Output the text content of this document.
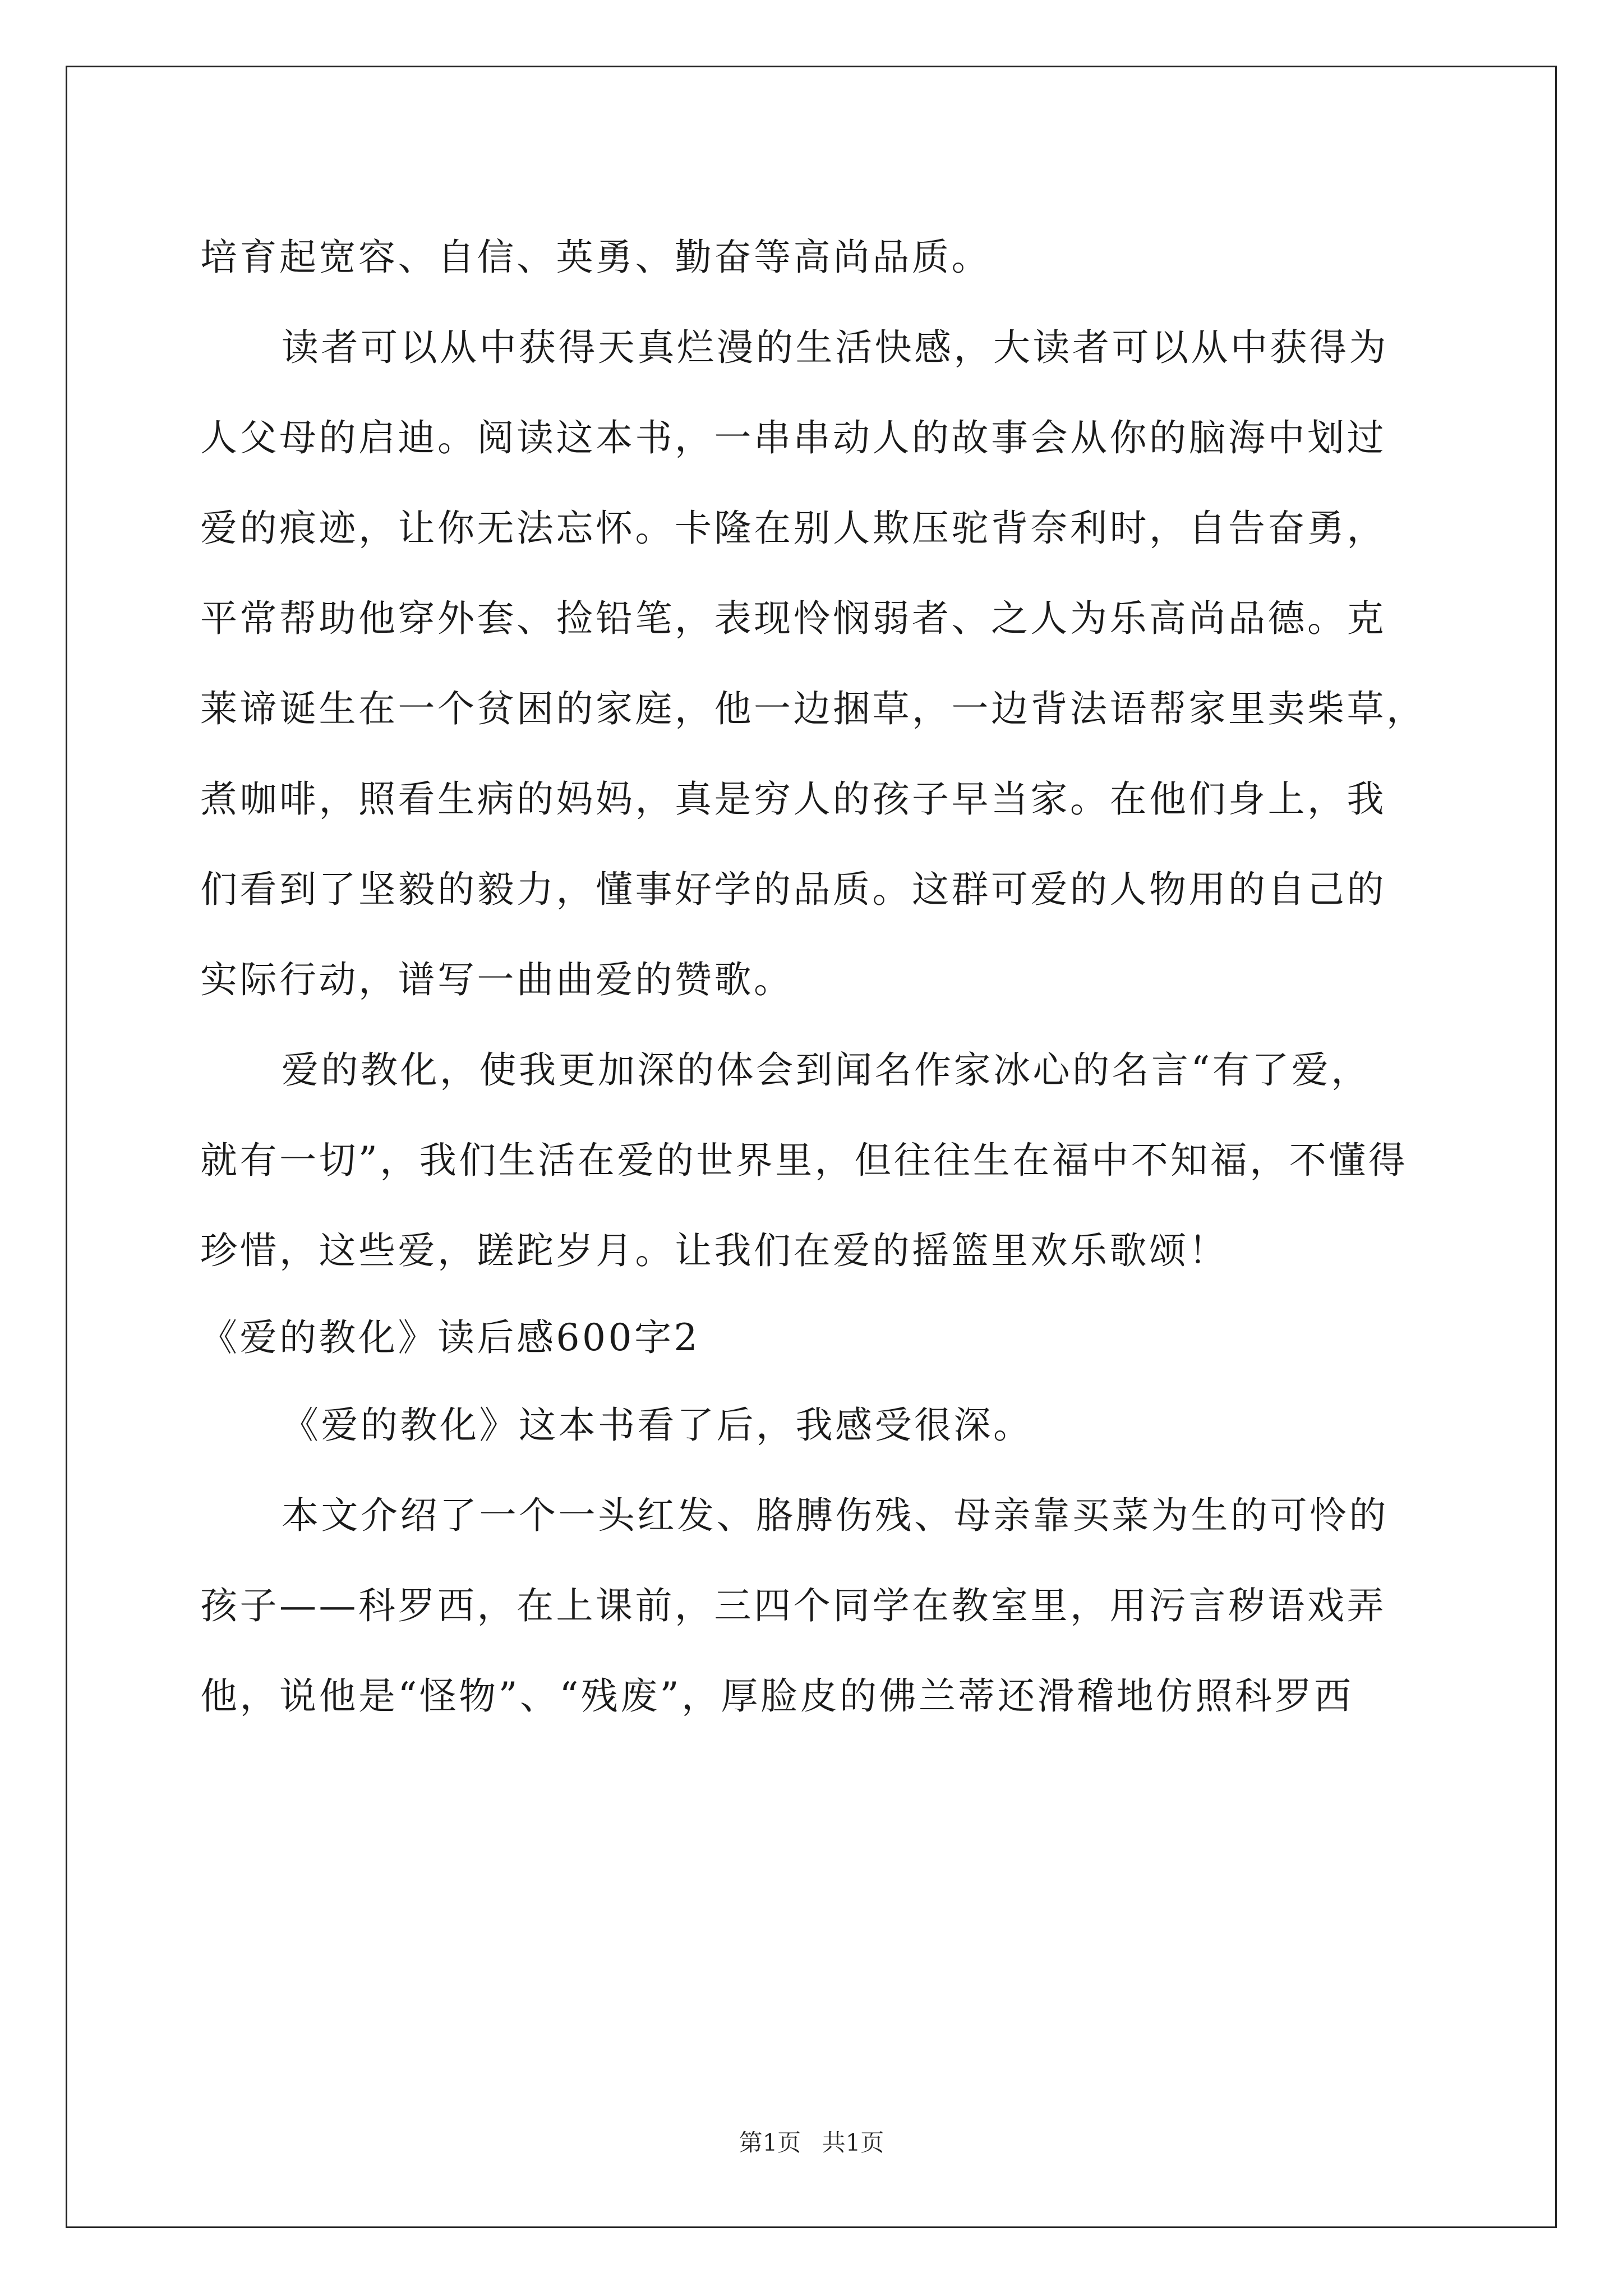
培育起宽容、自信、英勇、勤奋等高尚品质。
读者可以从中获得天真烂漫的生活快感，大读者可以从中获得为
人父母的启迪。阅读这本书，一串串动人的故事会从你的脑海中划过
爱的痕迹，让你无法忘怀。卡隆在别人欺压驼背奈利时，自告奋勇，
平常帮助他穿外套、捡铅笔，表现怜悯弱者、之人为乐高尚品德。克
莱谛诞生在一个贫困的家庭，他一边捆草，一边背法语帮家里卖柴草，
煮咖啡，照看生病的妈妈，真是穷人的孩子早当家。在他们身上，我
们看到了坚毅的毅力，懂事好学的品质。这群可爱的人物用的自己的
实际行动，谱写一曲曲爱的赞歌。
爱的教化，使我更加深的体会到闻名作家冰心的名言“有了爱，
就有一切”，我们生活在爱的世界里，但往往生在福中不知福，不懂得
珍惜，这些爱，蹉跎岁月。让我们在爱的摇篮里欢乐歌颂！
《爱的教化》读后感600字2
《爱的教化》这本书看了后，我感受很深。
本文介绍了一个一头红发、胳膊伤残、母亲靠买菜为生的可怜的
孩子——科罗西，在上课前，三四个同学在教室里，用污言秽语戏弄
他，说他是“怪物”、“残废”，厚脸皮的佛兰蒂还滑稽地仿照科罗西
第1页 共1页
